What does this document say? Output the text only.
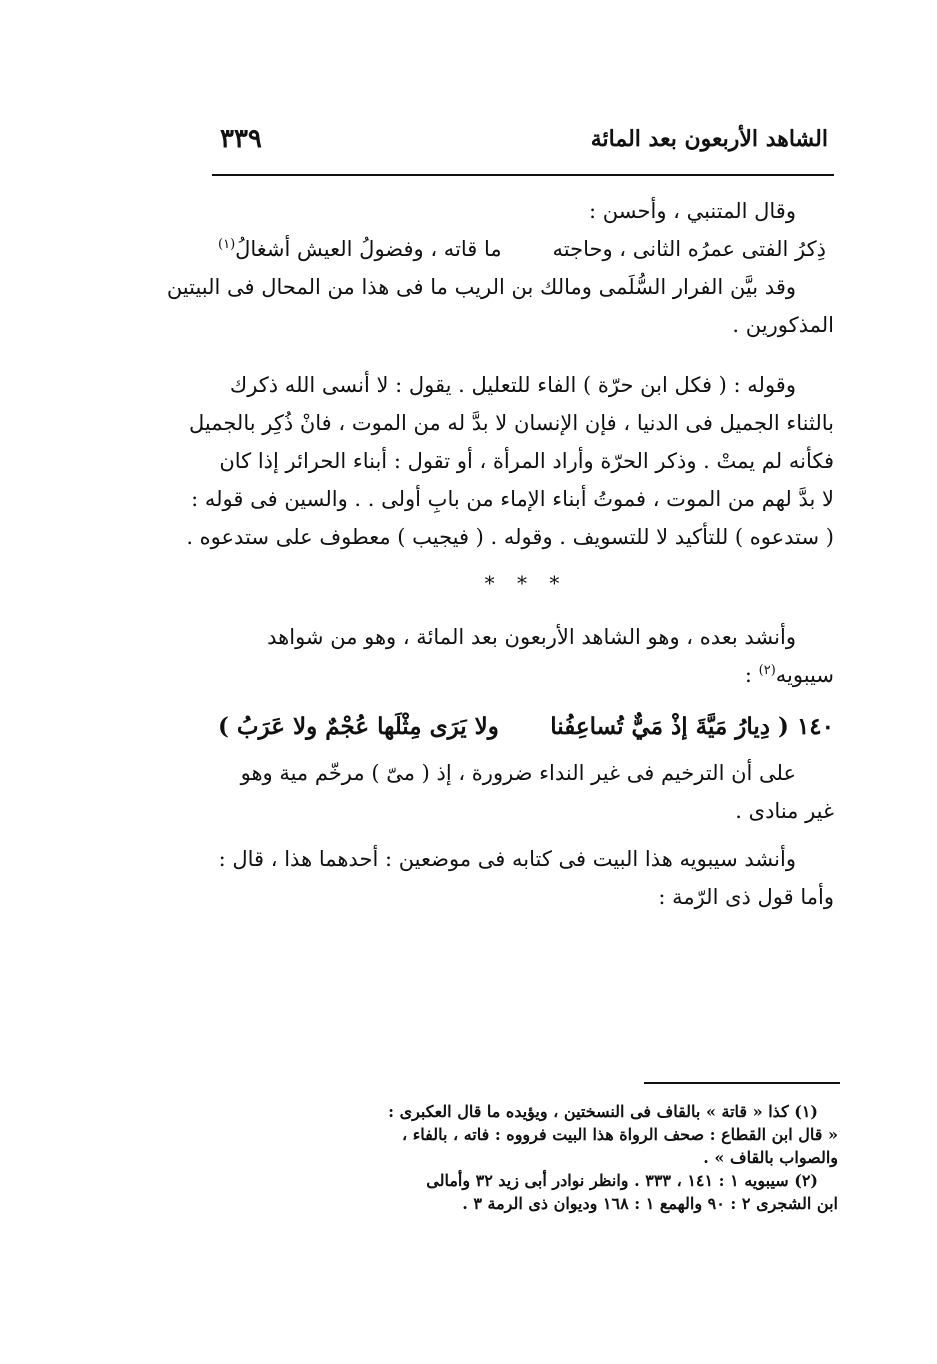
الشاهد الأربعون بعد المائة
٣٣٩
وقال المتنبي ، وأحسن :
ذِكرُ الفتى عمرُه الثانى ، وحاجته
ما قاته ، وفضولُ العيش أشغالُ$^{(١)}$
وقد بيَّن الفرار السُّلَمى ومالك بن الريب ما فى هذا من المحال فى البيتين
المذكورين .
وقوله : ( فكل ابن حرّة ) الفاء للتعليل . يقول : لا أنسى الله ذكرك
بالثناء الجميل فى الدنيا ، فإن الإنسان لا بدَّ له من الموت ، فانْ ذُكِر بالجميل
فكأنه لم يمتْ . وذكر الحرّة وأراد المرأة ، أو تقول : أبناء الحرائر إذا كان
لا بدَّ لهم من الموت ، فموتُ أبناء الإماء من بابِ أولى . . والسين فى قوله :
( ستدعوه ) للتأكيد لا للتسويف . وقوله . ( فيجيب ) معطوف على ستدعوه .
* * *
وأنشد بعده ، وهو الشاهد الأربعون بعد المائة ، وهو من شواهد
سيبويه$^{(٢)}$ :
١٤٠ ( دِيارُ مَيَّةَ إذْ مَيٌّ تُساعِفُنا
ولا يَرَى مِثْلَها عُجْمٌ ولا عَرَبُ )
على أن الترخيم فى غير النداء ضرورة ، إذ ( مىّ ) مرخّم مية وهو
غير منادى .
وأنشد سيبويه هذا البيت فى كتابه فى موضعين : أحدهما هذا ، قال :
وأما قول ذى الرّمة :
(١) كذا « قاتة » بالقاف فى النسختين ، ويؤيده ما قال العكبرى :
« قال ابن القطاع : صحف الرواة هذا البيت فرووه : فاته ، بالفاء ،
والصواب بالقاف » .
(٢) سيبويه ١ : ١٤١ ، ٣٣٣ . وانظر نوادر أبى زيد ٣٢ وأمالى
ابن الشجرى ٢ : ٩٠ والهمع ١ : ١٦٨ وديوان ذى الرمة ٣ .
